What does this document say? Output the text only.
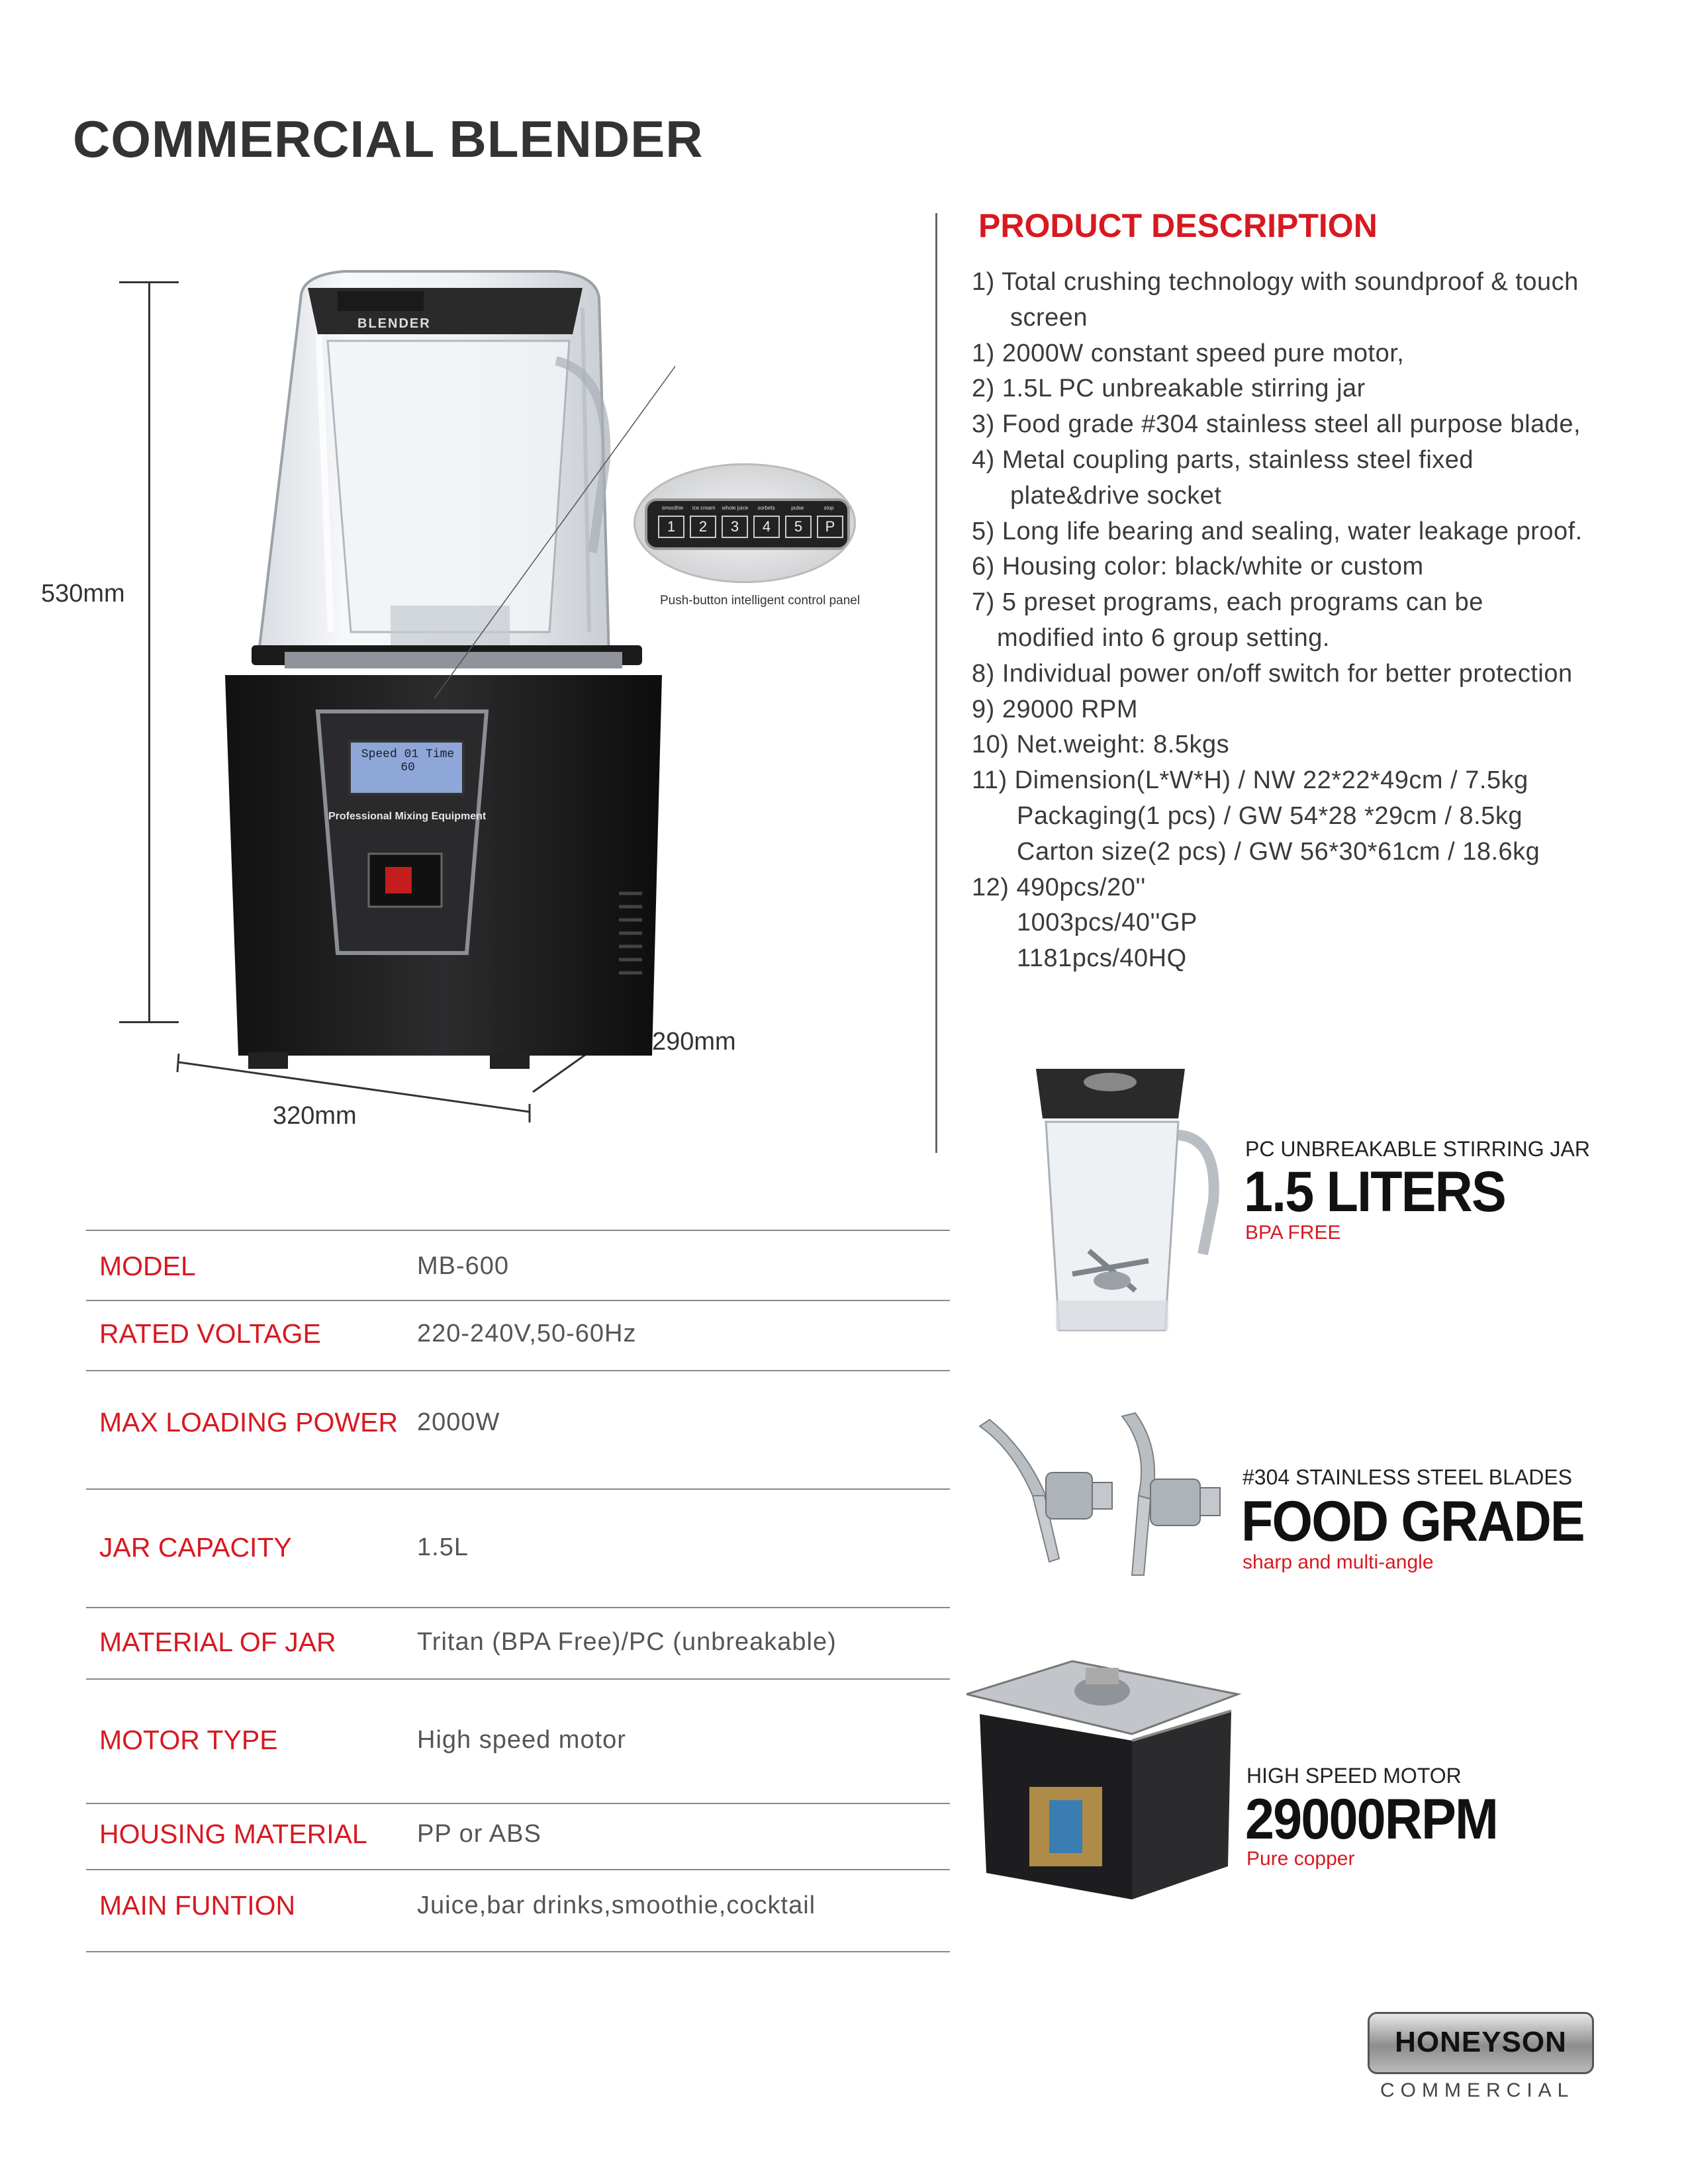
COMMERCIAL BLENDER
530mm
290mm
320mm
BLENDER
Speed 01 Time 60
Professional Mixing Equipment
smoothie	ice cream	whole juice	sorbets	pulse	stop
1	2	3	4	5	P
Push-button intelligent control panel
PRODUCT DESCRIPTION
1) Total crushing technology with soundproof & touch
screen
1) 2000W constant speed pure motor,
2) 1.5L PC unbreakable stirring jar
3) Food grade #304 stainless steel all purpose blade,
4) Metal coupling parts, stainless steel fixed
plate&drive socket
5) Long life bearing and sealing, water leakage proof.
6) Housing color: black/white or custom
7) 5 preset programs, each programs can be
modified into 6 group setting.
8) Individual power on/off switch for better protection
9) 29000 RPM
10) Net.weight: 8.5kgs
11) Dimension(L*W*H) / NW 22*22*49cm / 7.5kg
Packaging(1 pcs) / GW 54*28 *29cm / 8.5kg
Carton size(2 pcs) / GW 56*30*61cm / 18.6kg
12) 490pcs/20''
1003pcs/40''GP
1181pcs/40HQ
MODEL	MB-600
RATED VOLTAGE	220-240V,50-60Hz
MAX LOADING POWER 2000W
JAR CAPACITY	1.5L
MATERIAL OF JAR	Tritan (BPA Free)/PC (unbreakable)
MOTOR TYPE	High speed motor
HOUSING MATERIAL PP or ABS
MAIN FUNTION	Juice,bar drinks,smoothie,cocktail
PC UNBREAKABLE STIRRING JAR
1.5 LITERS
BPA FREE
#304 STAINLESS STEEL BLADES
FOOD GRADE
sharp and multi-angle
HIGH SPEED MOTOR
29000RPM
Pure copper
HONEYSON
COMMERCIAL
